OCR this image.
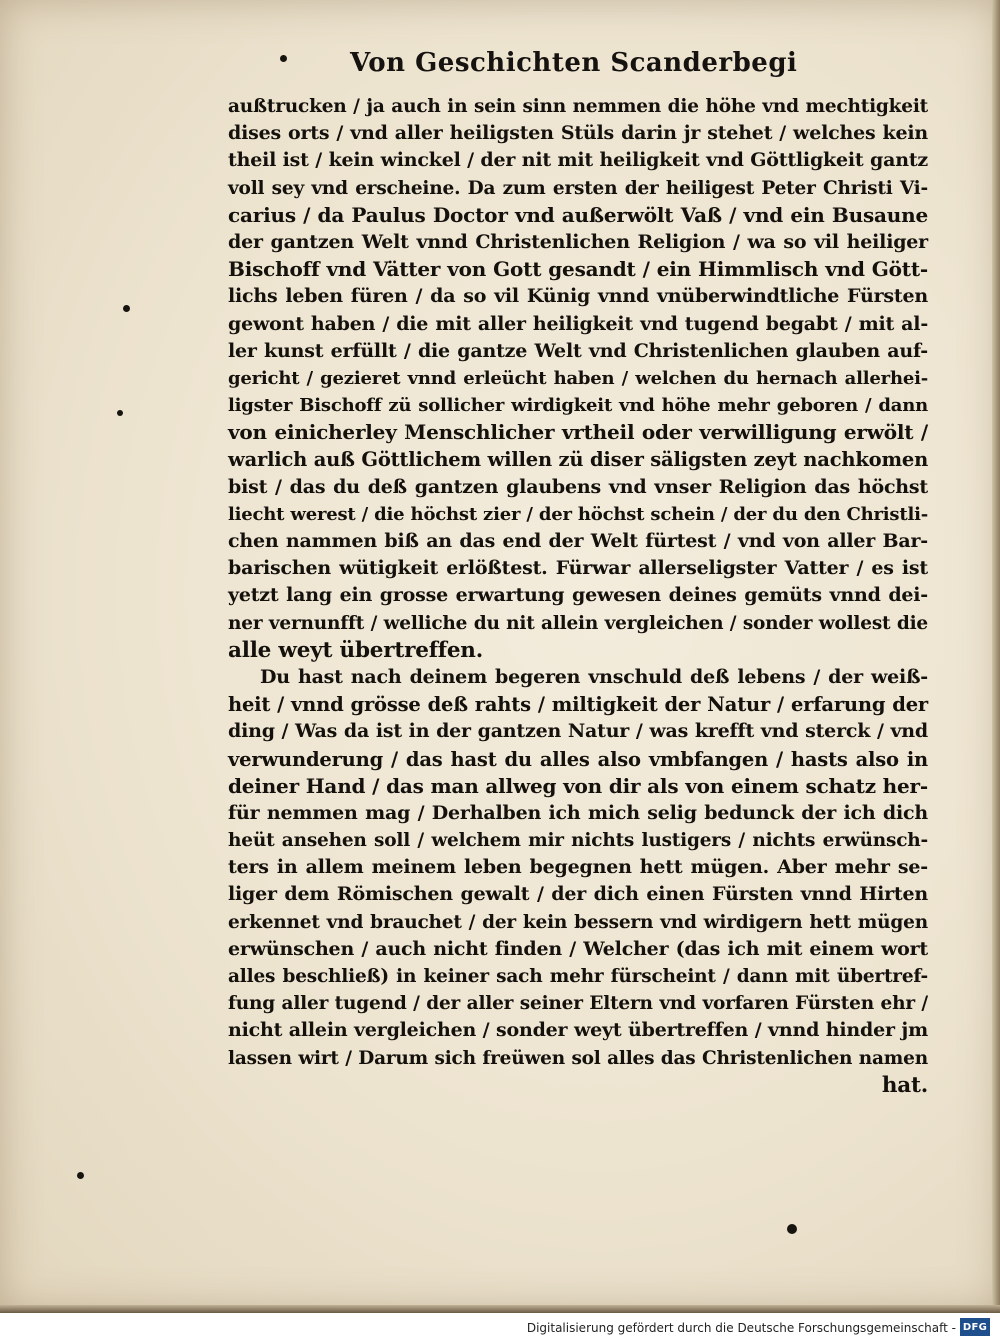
Von Geschichten Scanderbegi
außtrucken / ja auch in sein sinn nemmen die höhe vnd mechtigkeit
dises orts / vnd aller heiligsten Stüls darin jr stehet / welches kein
theil ist / kein winckel / der nit mit heiligkeit vnd Göttligkeit gantz
voll sey vnd erscheine. Da zum ersten der heiligest Peter Christi Vi-
carius / da Paulus Doctor vnd außerwölt Vaß / vnd ein Busaune
der gantzen Welt vnnd Christenlichen Religion / wa so vil heiliger
Bischoff vnd Vätter von Gott gesandt / ein Himmlisch vnd Gött-
lichs leben füren / da so vil Künig vnnd vnüberwindtliche Fürsten
gewont haben / die mit aller heiligkeit vnd tugend begabt / mit al-
ler kunst erfüllt / die gantze Welt vnd Christenlichen glauben auf-
gericht / gezieret vnnd erleücht haben / welchen du hernach allerhei-
ligster Bischoff zü sollicher wirdigkeit vnd höhe mehr geboren / dann
von einicherley Menschlicher vrtheil oder verwilligung erwölt /
warlich auß Göttlichem willen zü diser säligsten zeyt nachkomen
bist / das du deß gantzen glaubens vnd vnser Religion das höchst
liecht werest / die höchst zier / der höchst schein / der du den Christli-
chen nammen biß an das end der Welt fürtest / vnd von aller Bar-
barischen wütigkeit erlößtest. Fürwar allerseligster Vatter / es ist
yetzt lang ein grosse erwartung gewesen deines gemüts vnnd dei-
ner vernunfft / welliche du nit allein vergleichen / sonder wollest die
alle weyt übertreffen.
Du hast nach deinem begeren vnschuld deß lebens / der weiß-
heit / vnnd grösse deß rahts / miltigkeit der Natur / erfarung der
ding / Was da ist in der gantzen Natur / was krefft vnd sterck / vnd
verwunderung / das hast du alles also vmbfangen / hasts also in
deiner Hand / das man allweg von dir als von einem schatz her-
für nemmen mag / Derhalben ich mich selig bedunck der ich dich
heüt ansehen soll / welchem mir nichts lustigers / nichts erwünsch-
ters in allem meinem leben begegnen hett mügen. Aber mehr se-
liger dem Römischen gewalt / der dich einen Fürsten vnnd Hirten
erkennet vnd brauchet / der kein bessern vnd wirdigern hett mügen
erwünschen / auch nicht finden / Welcher (das ich mit einem wort
alles beschließ) in keiner sach mehr fürscheint / dann mit übertref-
fung aller tugend / der aller seiner Eltern vnd vorfaren Fürsten ehr /
nicht allein vergleichen / sonder weyt übertreffen / vnnd hinder jm
lassen wirt / Darum sich freüwen sol alles das Christenlichen namen
hat.
Digitalisierung gefördert durch die Deutsche Forschungsgemeinschaft - DFG
